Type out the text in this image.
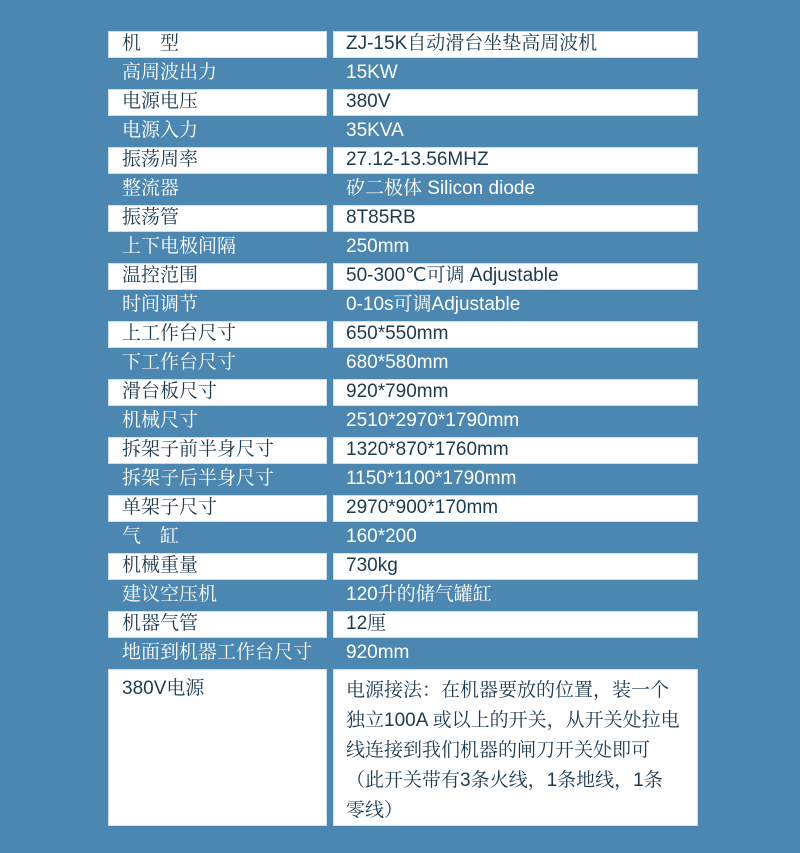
机　型	ZJ-15K自动滑台坐垫高周波机
高周波出力	15KW
电源电压	380V
电源入力	35KVA
振荡周率	27.12-13.56MHZ
整流器	矽二极体 Silicon diode
振荡管	8T85RB
上下电极间隔	250mm
温控范围	50-300℃可调 Adjustable
时间调节	0-10s可调Adjustable
上工作台尺寸	650*550mm
下工作台尺寸	680*580mm
滑台板尺寸	920*790mm
机械尺寸	2510*2970*1790mm
拆架子前半身尺寸	1320*870*1760mm
拆架子后半身尺寸	1150*1100*1790mm
单架子尺寸	2970*900*170mm
气　缸	160*200
机械重量	730kg
建议空压机	120升的储气罐缸
机器气管	12厘
地面到机器工作台尺寸	920mm
380V电源	电源接法：在机器要放的位置，装一个独立100A 或以上的开关，从开关处拉电线连接到我们机器的闸刀开关处即可（此开关带有3条火线，1条地线，1条零线）
